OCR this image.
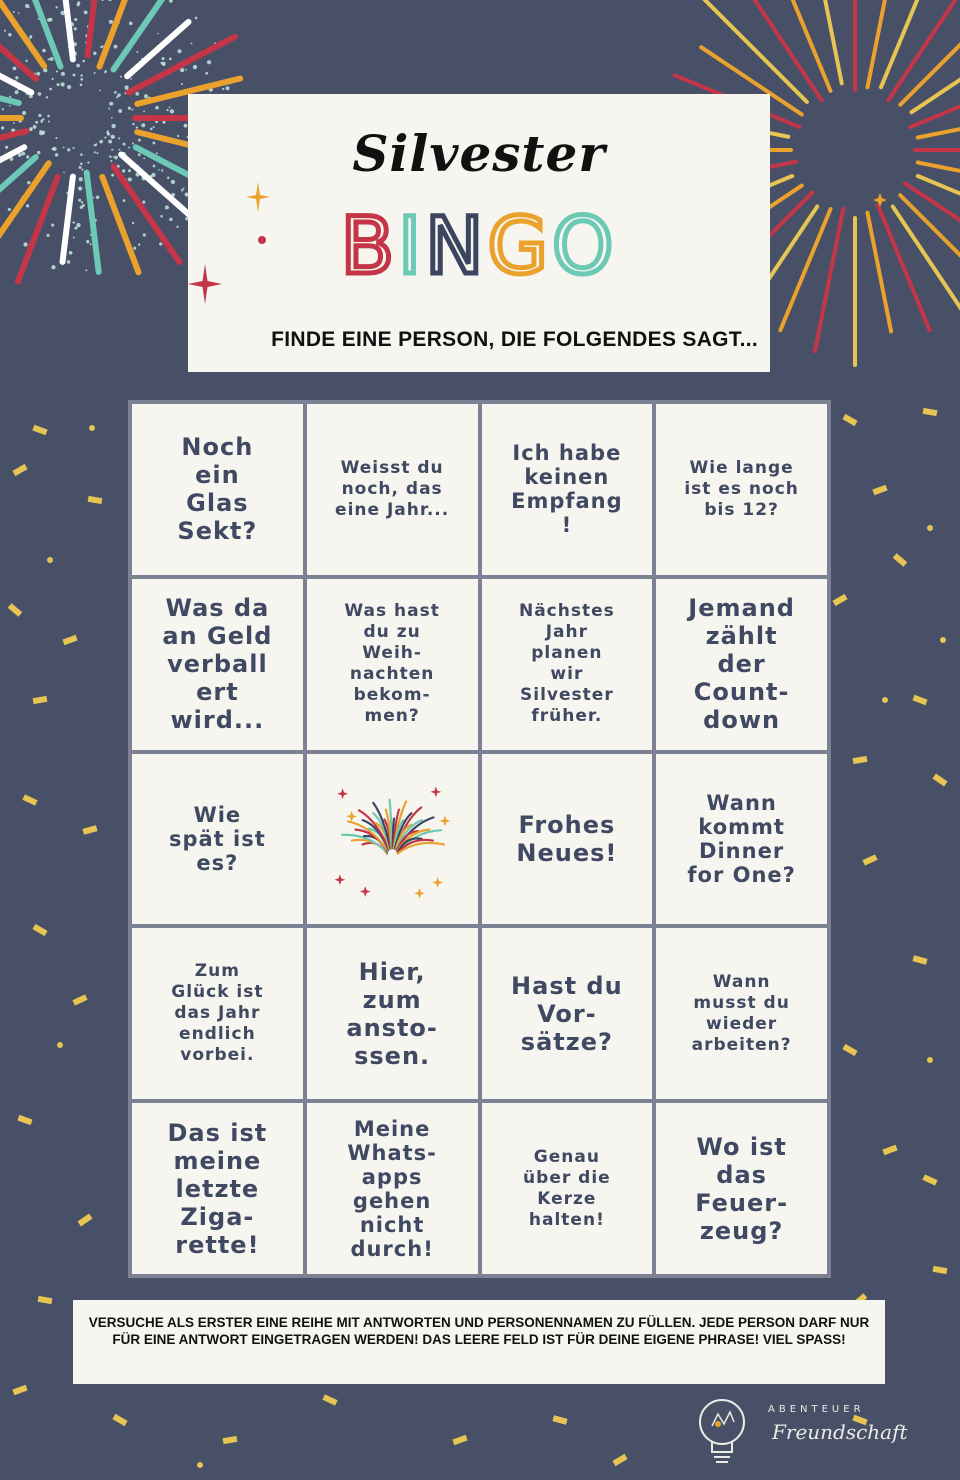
Silvester
BINGO
FINDE EINE PERSON, DIE FOLGENDES SAGT...
Noch
ein
Glas
Sekt?
Weisst du
noch, das
eine Jahr...
Ich habe
keinen
Empfang
!
Wie lange
ist es noch
bis 12?
Was da
an Geld
verball
ert
wird...
Was hast
du zu
Weih-
nachten
bekom-
men?
Nächstes
Jahr
planen
wir
Silvester
früher.
Jemand
zählt
der
Count-
down
Wie
spät ist
es?
Frohes
Neues!
Wann
kommt
Dinner
for One?
Zum
Glück ist
das Jahr
endlich
vorbei.
Hier,
zum
ansto-
ssen.
Hast du
Vor-
sätze?
Wann
musst du
wieder
arbeiten?
Das ist
meine
letzte
Ziga-
rette!
Meine
Whats-
apps
gehen
nicht
durch!
Genau
über die
Kerze
halten!
Wo ist
das
Feuer-
zeug?
VERSUCHE ALS ERSTER EINE REIHE MIT ANTWORTEN UND PERSONENNAMEN ZU FÜLLEN. JEDE PERSON DARF NUR FÜR EINE ANTWORT EINGETRAGEN WERDEN! DAS LEERE FELD IST FÜR DEINE EIGENE PHRASE! VIEL SPASS!
ABENTEUER
Freundschaft
